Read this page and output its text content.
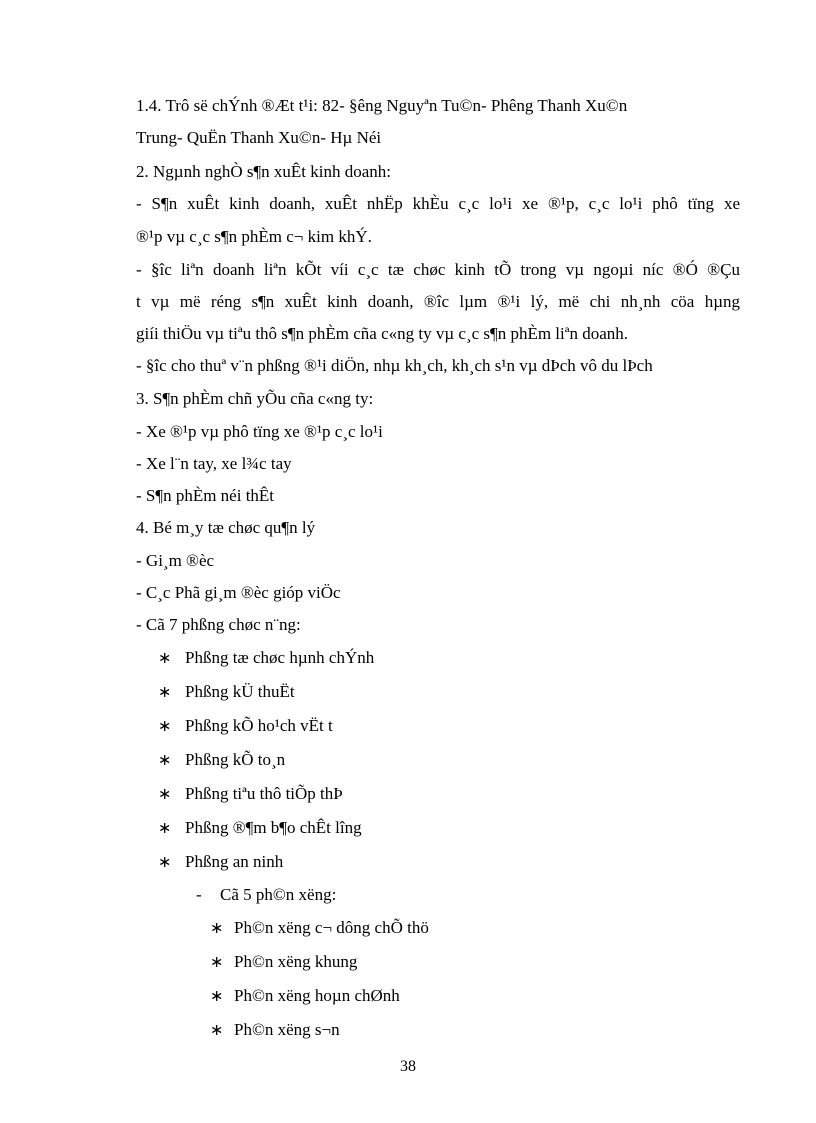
1.4. Trô së chÝnh ®Æt t¹i: 82- §êng Nguyªn Tu©n- Phêng Thanh Xu©n
Trung- QuËn Thanh Xu©n- Hµ Néi
2. Ngµnh nghÒ s¶n xuÊt kinh doanh:
- S¶n xuÊt kinh doanh, xuÊt nhËp khÈu c¸c lo¹i xe ®¹p, c¸c lo¹i phô tïng xe
®¹p vµ c¸c s¶n phÈm c¬ kim khÝ.
- §îc liªn doanh liªn kÕt víi c¸c tæ chøc kinh tÕ trong vµ ngoµi níc ®Ó ®Çu
t vµ më réng s¶n xuÊt kinh doanh, ®îc lµm ®¹i lý, më chi nh¸nh cöa hµng
giíi thiÖu vµ tiªu thô s¶n phÈm cña c«ng ty vµ c¸c s¶n phÈm liªn doanh.
- §îc cho thuª v¨n phßng ®¹i diÖn, nhµ kh¸ch, kh¸ch s¹n vµ dÞch vô du lÞch
3. S¶n phÈm chñ yÕu cña c«ng ty:
- Xe ®¹p vµ phô tïng xe ®¹p c¸c lo¹i
- Xe l¨n tay, xe l¾c tay
- S¶n phÈm néi thÊt
4. Bé m¸y tæ chøc qu¶n lý
- Gi¸m ®èc
- C¸c Phã gi¸m ®èc gióp viÖc
- Cã 7 phßng chøc n¨ng:
∗ Phßng tæ chøc hµnh chÝnh
∗ Phßng kÜ thuËt
∗ Phßng kÕ ho¹ch vËt t
∗ Phßng kÕ to¸n
∗ Phßng tiªu thô tiÕp thÞ
∗ Phßng ®¶m b¶o chÊt lîng
∗ Phßng an ninh
- Cã 5 ph©n xëng:
∗ Ph©n xëng c¬ dông chÕ thö
∗ Ph©n xëng khung
∗ Ph©n xëng hoµn chØnh
∗ Ph©n xëng s¬n
38
